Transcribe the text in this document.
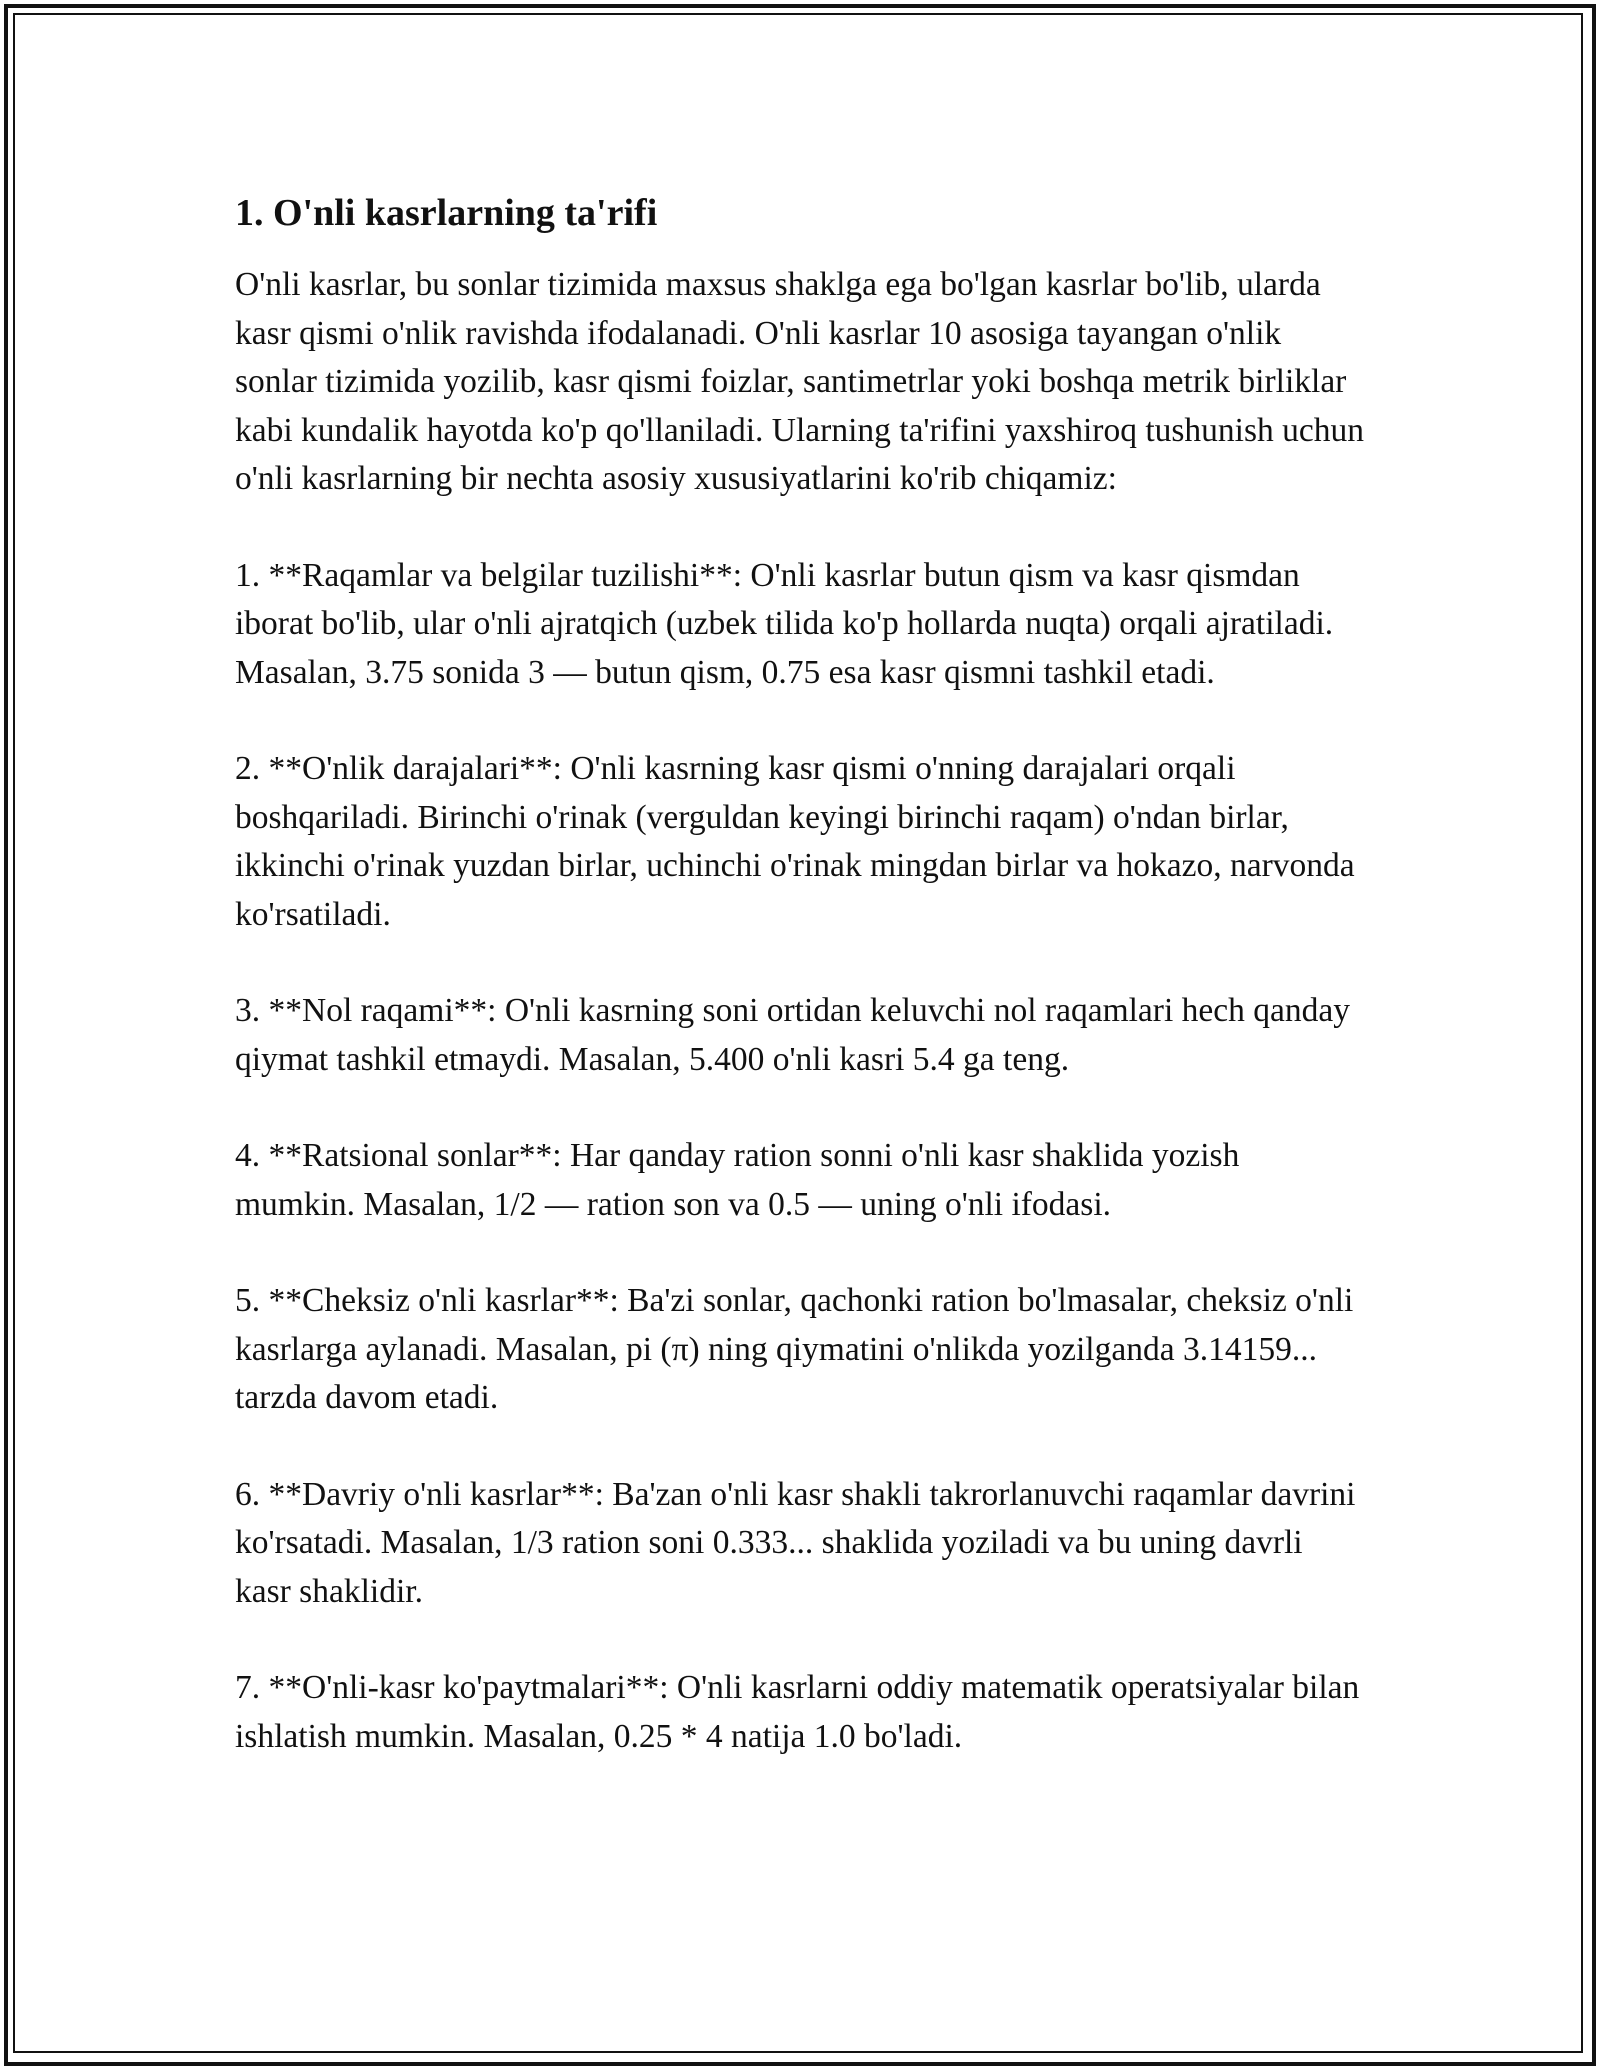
1. O'nli kasrlarning ta'rifi

O'nli kasrlar, bu sonlar tizimida maxsus shaklga ega bo'lgan kasrlar bo'lib, ularda kasr qismi o'nlik ravishda ifodalanadi. O'nli kasrlar 10 asosiga tayangan o'nlik sonlar tizimida yozilib, kasr qismi foizlar, santimetrlar yoki boshqa metrik birliklar kabi kundalik hayotda ko'p qo'llaniladi. Ularning ta'rifini yaxshiroq tushunish uchun o'nli kasrlarning bir nechta asosiy xususiyatlarini ko'rib chiqamiz:

1. **Raqamlar va belgilar tuzilishi**: O'nli kasrlar butun qism va kasr qismdan iborat bo'lib, ular o'nli ajratqich (uzbek tilida ko'p hollarda nuqta) orqali ajratiladi. Masalan, 3.75 sonida 3 — butun qism, 0.75 esa kasr qismni tashkil etadi.

2. **O'nlik darajalari**: O'nli kasrning kasr qismi o'nning darajalari orqali boshqariladi. Birinchi o'rinak (verguldan keyingi birinchi raqam) o'ndan birlar, ikkinchi o'rinak yuzdan birlar, uchinchi o'rinak mingdan birlar va hokazo, narvonda ko'rsatiladi.

3. **Nol raqami**: O'nli kasrning soni ortidan keluvchi nol raqamlari hech qanday qiymat tashkil etmaydi. Masalan, 5.400 o'nli kasri 5.4 ga teng.

4. **Ratsional sonlar**: Har qanday ration sonni o'nli kasr shaklida yozish mumkin. Masalan, 1/2 — ration son va 0.5 — uning o'nli ifodasi.

5. **Cheksiz o'nli kasrlar**: Ba'zi sonlar, qachonki ration bo'lmasalar, cheksiz o'nli kasrlarga aylanadi. Masalan, pi (π) ning qiymatini o'nlikda yozilganda 3.14159... tarzda davom etadi.

6. **Davriy o'nli kasrlar**: Ba'zan o'nli kasr shakli takrorlanuvchi raqamlar davrini ko'rsatadi. Masalan, 1/3 ration soni 0.333... shaklida yoziladi va bu uning davrli kasr shaklidir.

7. **O'nli-kasr ko'paytmalari**: O'nli kasrlarni oddiy matematik operatsiyalar bilan ishlatish mumkin. Masalan, 0.25 * 4 natija 1.0 bo'ladi.
